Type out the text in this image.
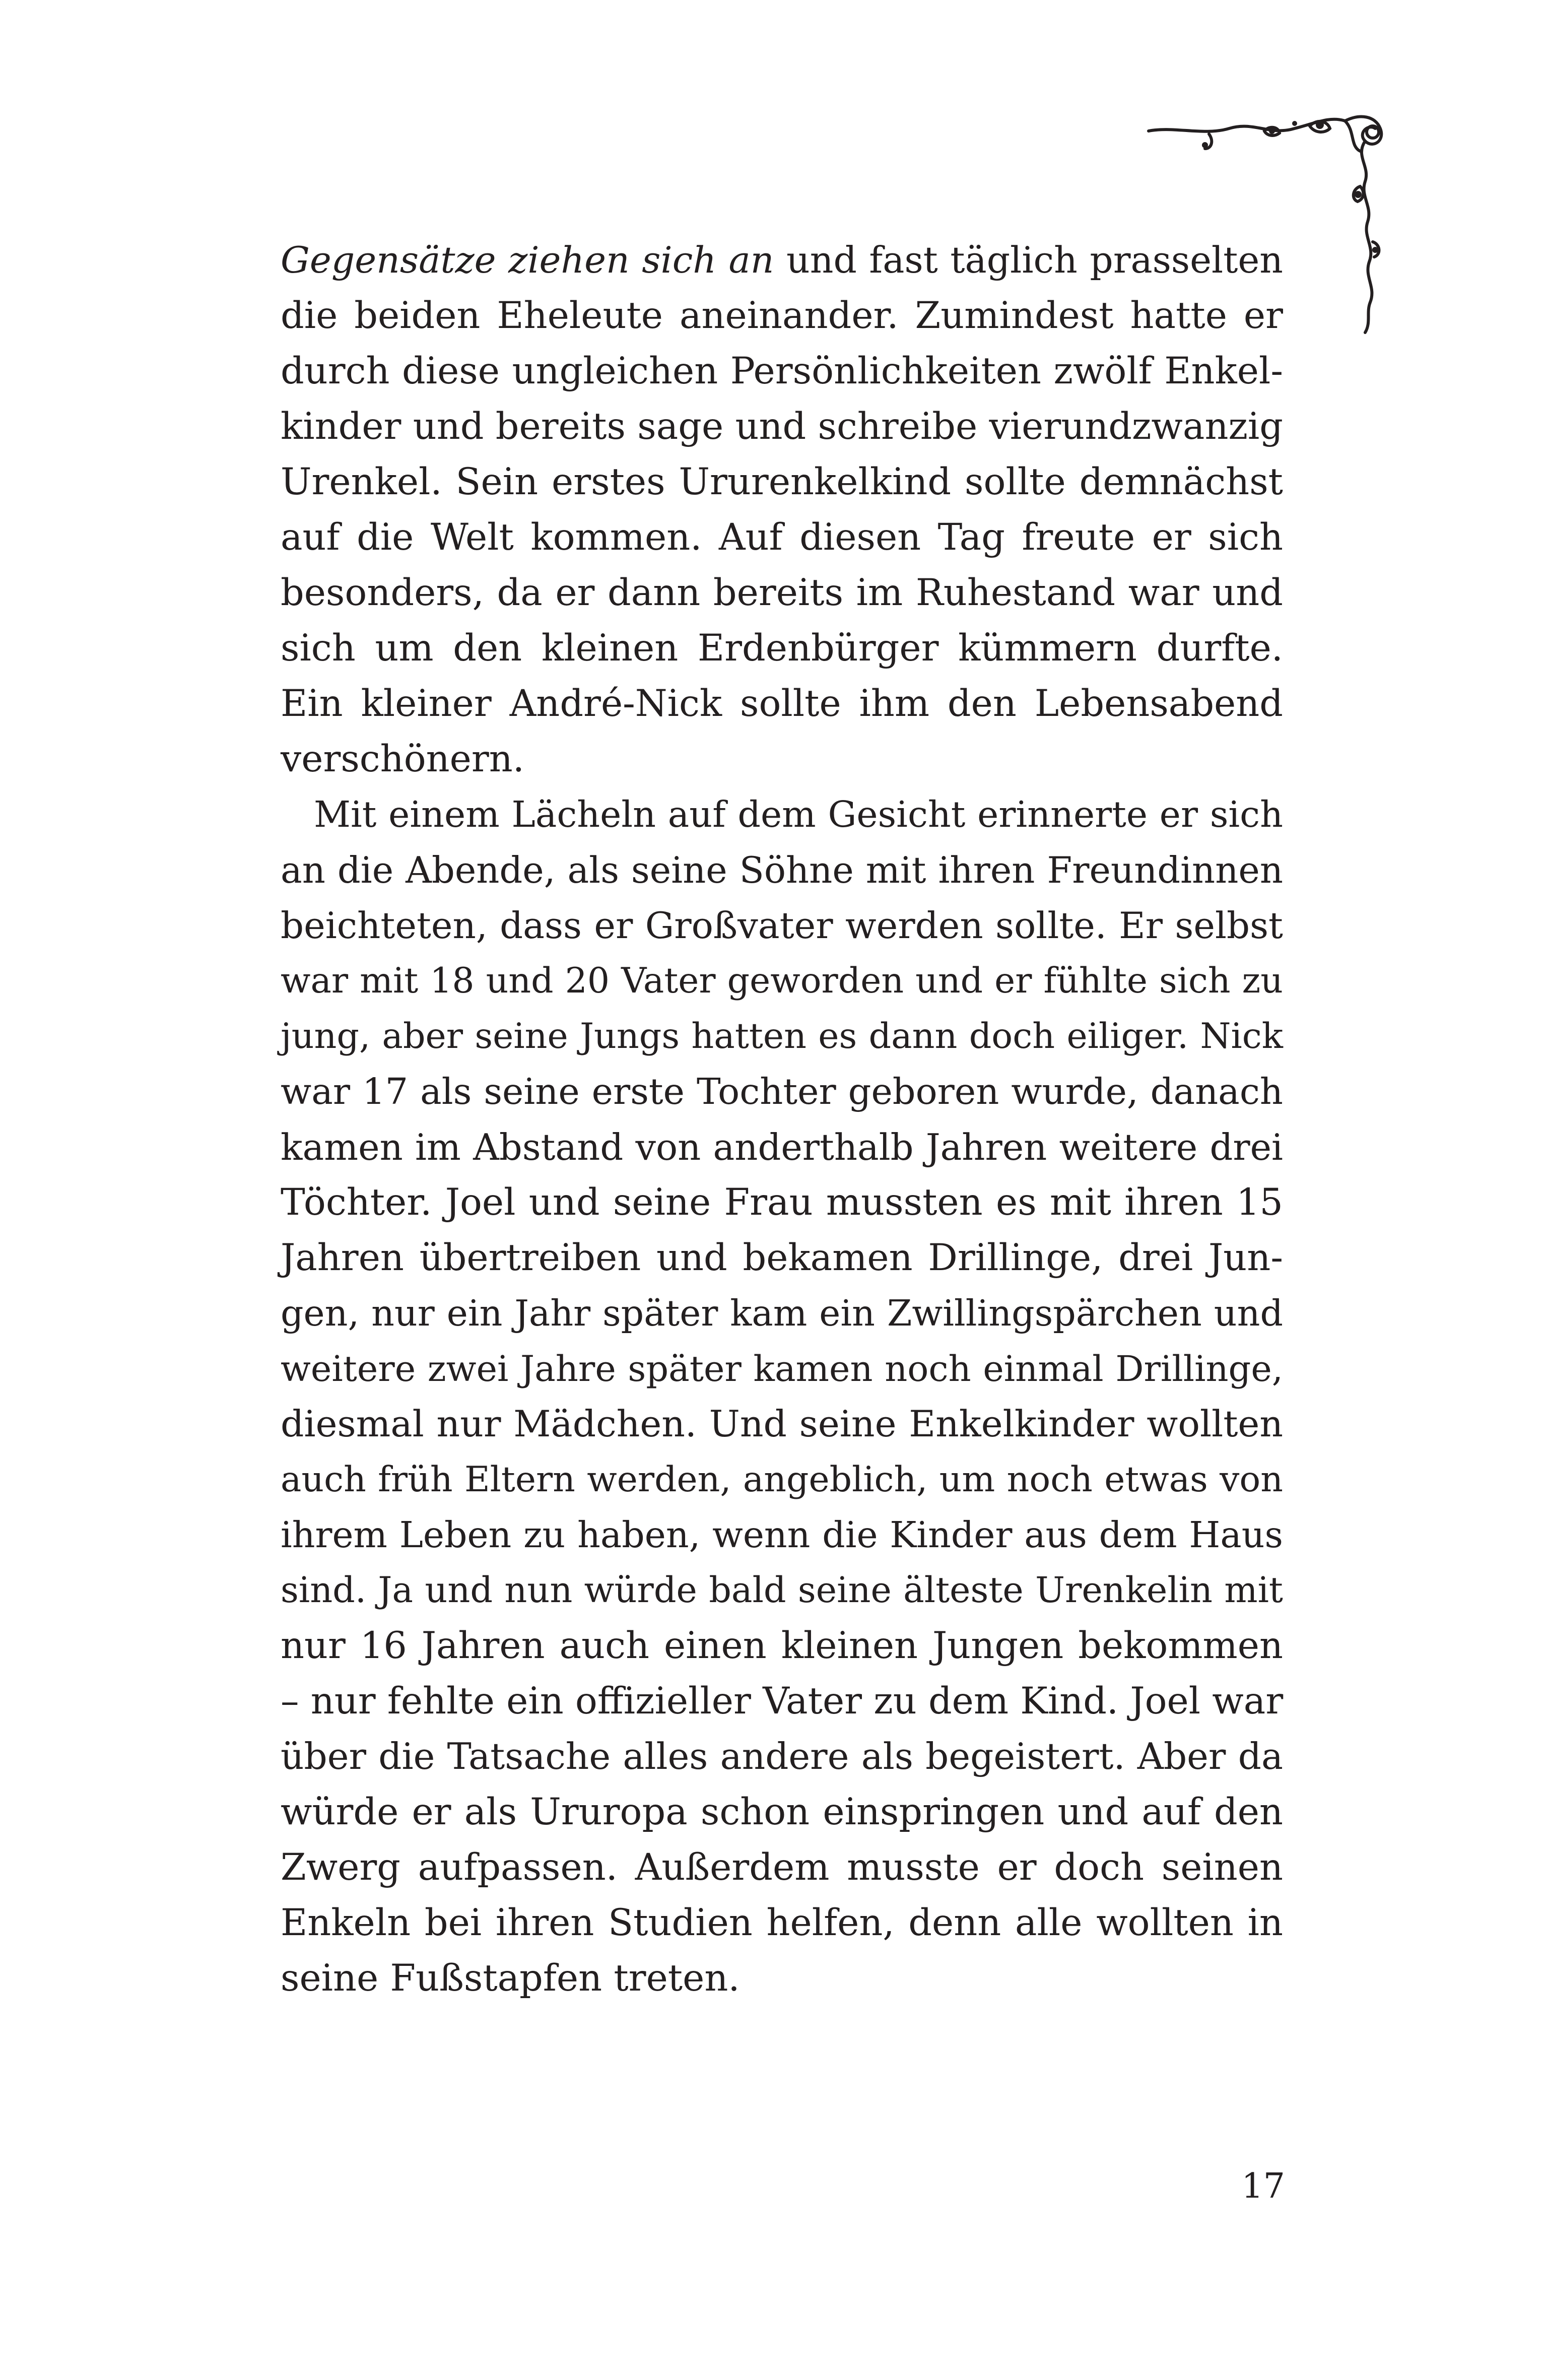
Gegensätze ziehen sich an und fast täglich prasselten
die beiden Eheleute aneinander. Zumindest hatte er
durch diese ungleichen Persönlichkeiten zwölf Enkel-
kinder und bereits sage und schreibe vierundzwanzig
Urenkel. Sein erstes Ururenkelkind sollte demnächst
auf die Welt kommen. Auf diesen Tag freute er sich
besonders, da er dann bereits im Ruhestand war und
sich um den kleinen Erdenbürger kümmern durfte.
Ein kleiner André-Nick sollte ihm den Lebensabend
verschönern.
Mit einem Lächeln auf dem Gesicht erinnerte er sich
an die Abende, als seine Söhne mit ihren Freundinnen
beichteten, dass er Großvater werden sollte. Er selbst
war mit 18 und 20 Vater geworden und er fühlte sich zu
jung, aber seine Jungs hatten es dann doch eiliger. Nick
war 17 als seine erste Tochter geboren wurde, danach
kamen im Abstand von anderthalb Jahren weitere drei
Töchter. Joel und seine Frau mussten es mit ihren 15
Jahren übertreiben und bekamen Drillinge, drei Jun-
gen, nur ein Jahr später kam ein Zwillingspärchen und
weitere zwei Jahre später kamen noch einmal Drillinge,
diesmal nur Mädchen. Und seine Enkelkinder wollten
auch früh Eltern werden, angeblich, um noch etwas von
ihrem Leben zu haben, wenn die Kinder aus dem Haus
sind. Ja und nun würde bald seine älteste Urenkelin mit
nur 16 Jahren auch einen kleinen Jungen bekommen
– nur fehlte ein offizieller Vater zu dem Kind. Joel war
über die Tatsache alles andere als begeistert. Aber da
würde er als Ururopa schon einspringen und auf den
Zwerg aufpassen. Außerdem musste er doch seinen
Enkeln bei ihren Studien helfen, denn alle wollten in
seine Fußstapfen treten.
17
